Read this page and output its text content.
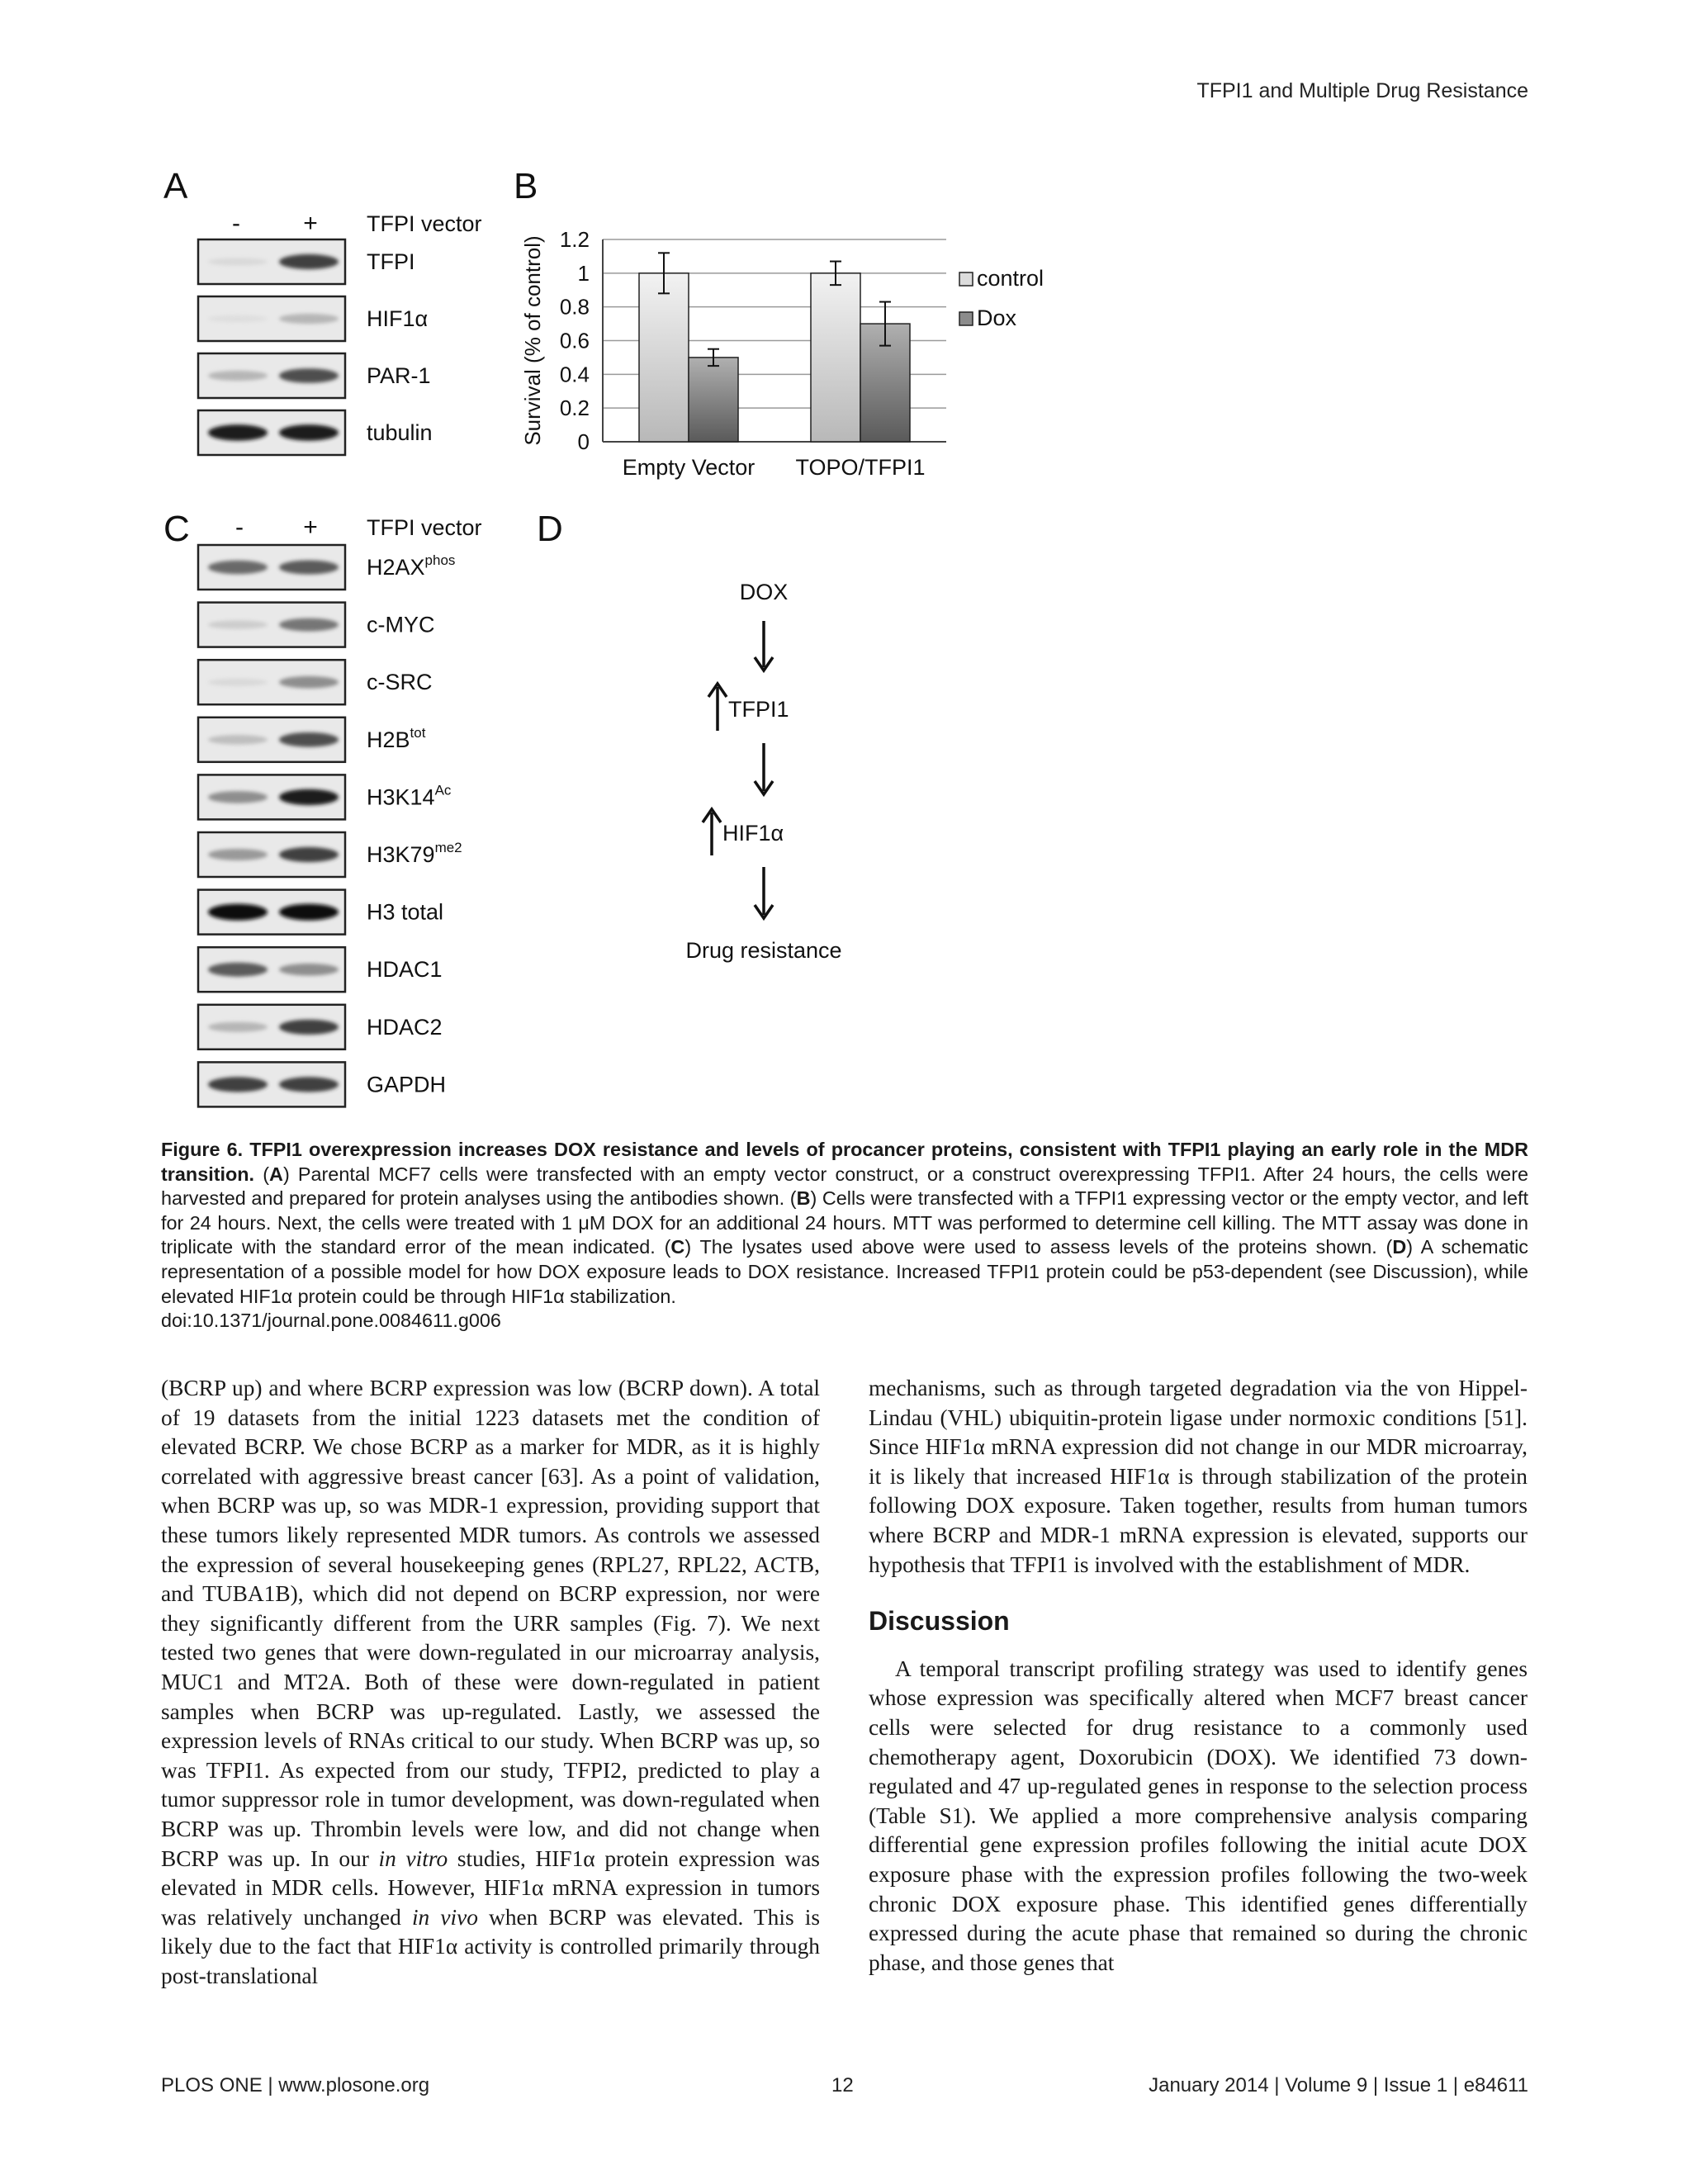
TFPI1 and Multiple Drug Resistance
A
-	+ TFPI vector
TFPI
HIF1α
PAR-1
tubulin
B
0
0.2
0.4
0.6
0.8
1
1.2
Survival (% of control)
Empty Vector TOPO/TFPI1
control
Dox
C - + TFPI vector
$H2AX^{phos}$
c-MYC
c-SRC
$H2B^{tot}$
$H3K14^{Ac}$
$H3K79^{me2}$
H3 total
HDAC1
HDAC2
GAPDH
D
DOX
TFPI1
HIF1α
Drug resistance
Figure 6. TFPI1 overexpression increases DOX resistance and levels of procancer proteins, consistent with TFPI1 playing an early role in the MDR transition. (A) Parental MCF7 cells were transfected with an empty vector construct, or a construct overexpressing TFPI1. After 24 hours, the cells were harvested and prepared for protein analyses using the antibodies shown. (B) Cells were transfected with a TFPI1 expressing vector or the empty vector, and left for 24 hours. Next, the cells were treated with 1 μM DOX for an additional 24 hours. MTT was performed to determine cell killing. The MTT assay was done in triplicate with the standard error of the mean indicated. (C) The lysates used above were used to assess levels of the proteins shown. (D) A schematic representation of a possible model for how DOX exposure leads to DOX resistance. Increased TFPI1 protein could be p53-dependent (see Discussion), while elevated HIF1α protein could be through HIF1α stabilization.
doi:10.1371/journal.pone.0084611.g006

(BCRP up) and where BCRP expression was low (BCRP down). A total of 19 datasets from the initial 1223 datasets met the condition of elevated BCRP. We chose BCRP as a marker for MDR, as it is highly correlated with aggressive breast cancer [63]. As a point of validation, when BCRP was up, so was MDR-1 expression, providing support that these tumors likely represented MDR tumors. As controls we assessed the expression of several housekeeping genes (RPL27, RPL22, ACTB, and TUBA1B), which did not depend on BCRP expression, nor were they significantly different from the URR samples (Fig. 7). We next tested two genes that were down-regulated in our microarray analysis, MUC1 and MT2A. Both of these were down-regulated in patient samples when BCRP was up-regulated. Lastly, we assessed the expression levels of RNAs critical to our study. When BCRP was up, so was TFPI1. As expected from our study, TFPI2, predicted to play a tumor suppressor role in tumor development, was down-regulated when BCRP was up. Thrombin levels were low, and did not change when BCRP was up. In our in vitro studies, HIF1α protein expression was elevated in MDR cells. However, HIF1α mRNA expression in tumors was relatively unchanged in vivo when BCRP was elevated. This is likely due to the fact that HIF1α activity is controlled primarily through post-translational

mechanisms, such as through targeted degradation via the von Hippel-Lindau (VHL) ubiquitin-protein ligase under normoxic conditions [51]. Since HIF1α mRNA expression did not change in our MDR microarray, it is likely that increased HIF1α is through stabilization of the protein following DOX exposure. Taken together, results from human tumors where BCRP and MDR-1 mRNA expression is elevated, supports our hypothesis that TFPI1 is involved with the establishment of MDR.

Discussion

A temporal transcript profiling strategy was used to identify genes whose expression was specifically altered when MCF7 breast cancer cells were selected for drug resistance to a commonly used chemotherapy agent, Doxorubicin (DOX). We identified 73 down-regulated and 47 up-regulated genes in response to the selection process (Table S1). We applied a more comprehensive analysis comparing differential gene expression profiles following the initial acute DOX exposure phase with the expression profiles following the two-week chronic DOX exposure phase. This identified genes differentially expressed during the acute phase that remained so during the chronic phase, and those genes that

PLOS ONE | www.plosone.org	12	January 2014 | Volume 9 | Issue 1 | e84611
